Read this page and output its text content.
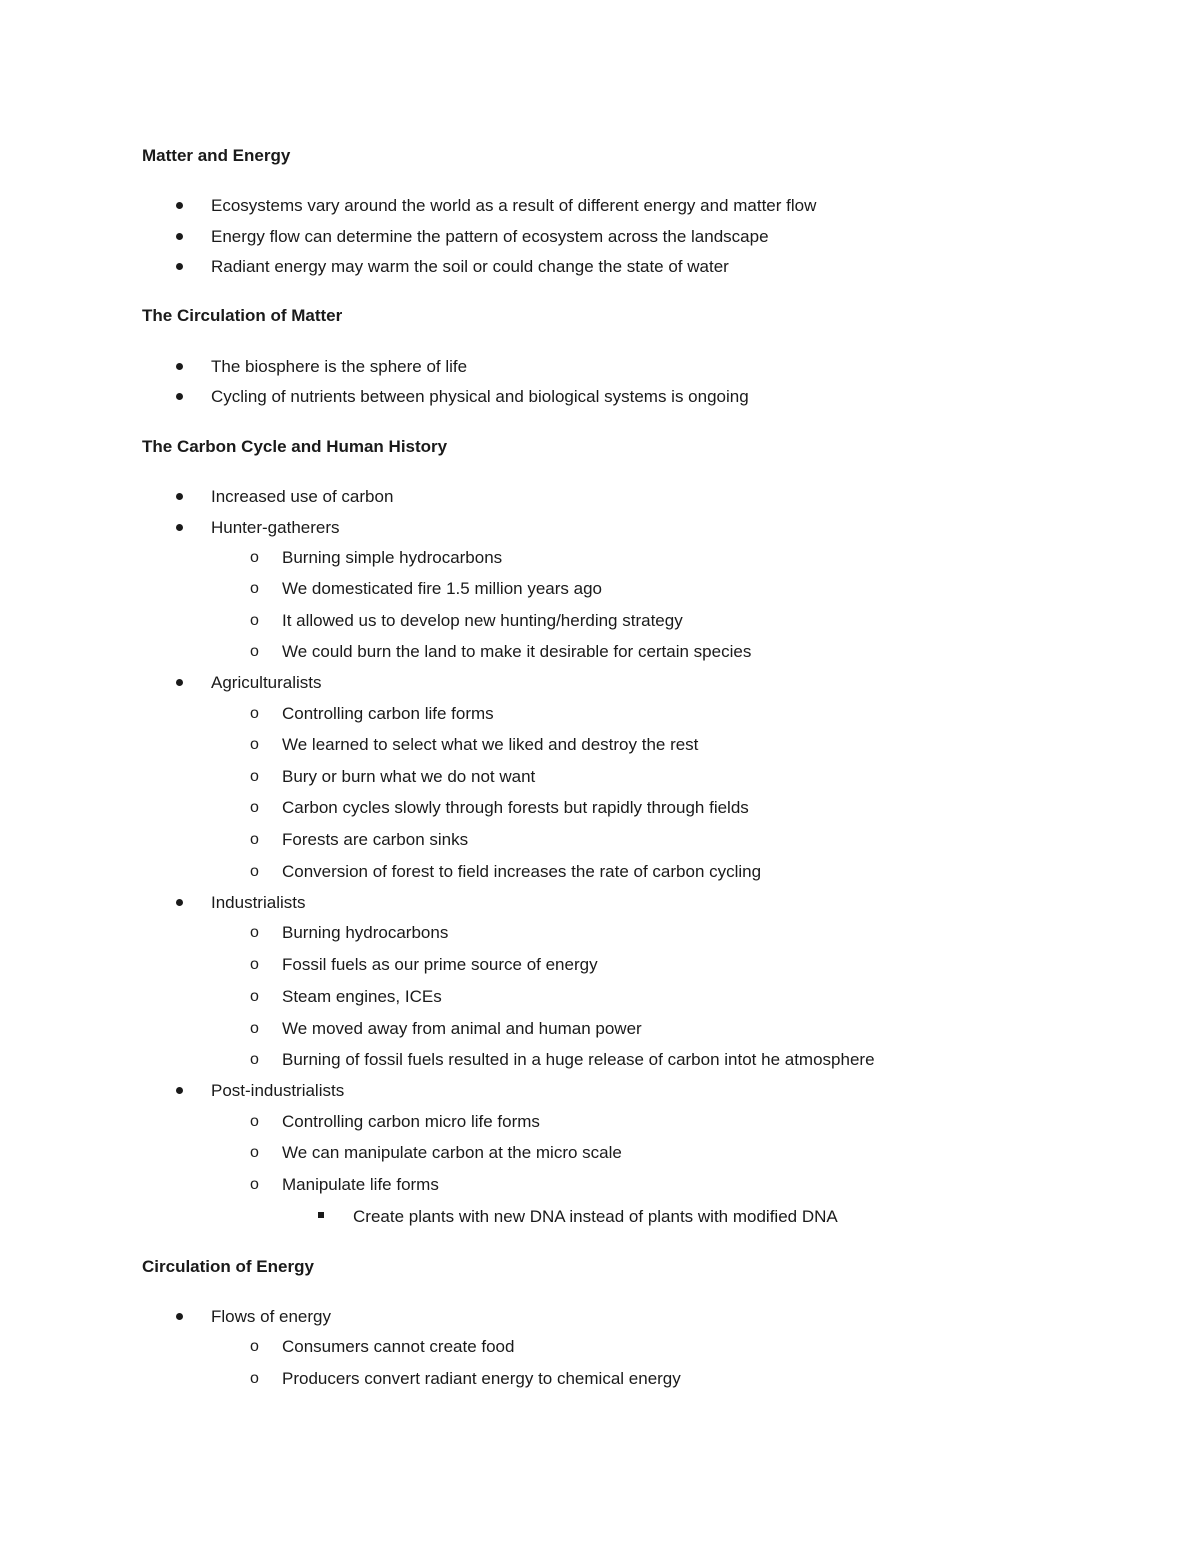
Matter and Energy
Ecosystems vary around the world as a result of different energy and matter flow
Energy flow can determine the pattern of ecosystem across the landscape
Radiant energy may warm the soil or could change the state of water
The Circulation of Matter
The biosphere is the sphere of life
Cycling of nutrients between physical and biological systems is ongoing
The Carbon Cycle and Human History
Increased use of carbon
Hunter-gatherers
o Burning simple hydrocarbons
o We domesticated fire 1.5 million years ago
o It allowed us to develop new hunting/herding strategy
o We could burn the land to make it desirable for certain species
Agriculturalists
o Controlling carbon life forms
o We learned to select what we liked and destroy the rest
o Bury or burn what we do not want
o Carbon cycles slowly through forests but rapidly through fields
o Forests are carbon sinks
o Conversion of forest to field increases the rate of carbon cycling
Industrialists
o Burning hydrocarbons
o Fossil fuels as our prime source of energy
o Steam engines, ICEs
o We moved away from animal and human power
o Burning of fossil fuels resulted in a huge release of carbon intot he atmosphere
Post-industrialists
o Controlling carbon micro life forms
o We can manipulate carbon at the micro scale
o Manipulate life forms
Create plants with new DNA instead of plants with modified DNA
Circulation of Energy
Flows of energy
o Consumers cannot create food
o Producers convert radiant energy to chemical energy
